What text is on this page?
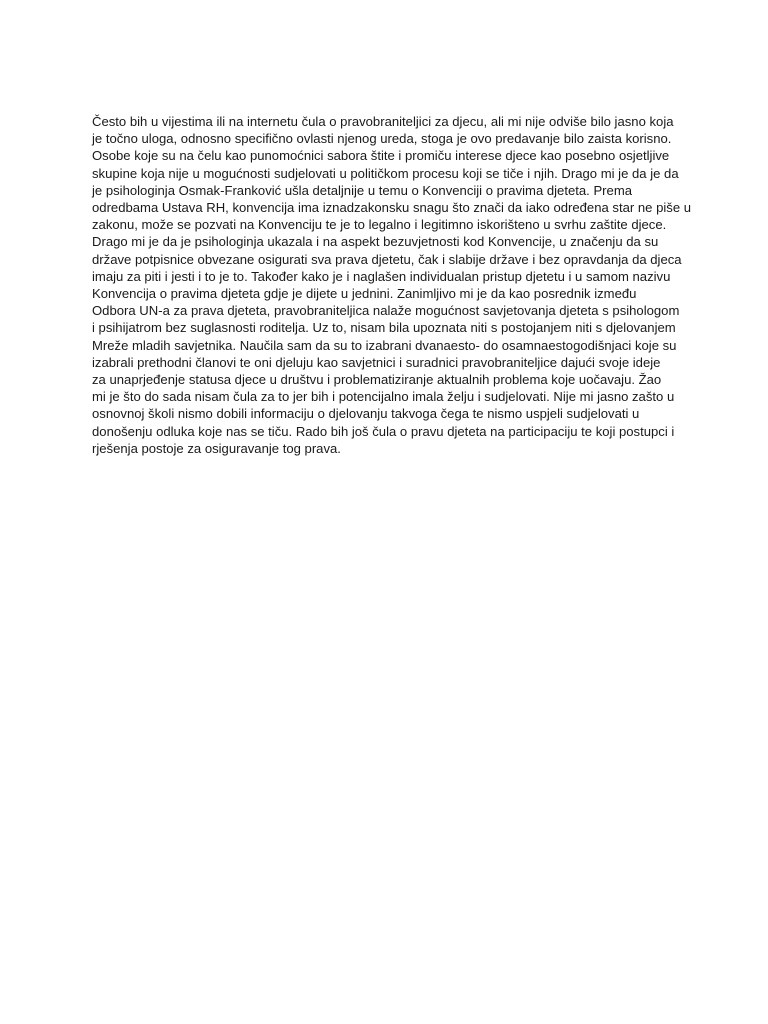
Često bih u vijestima ili na internetu čula o pravobraniteljici za djecu, ali mi nije odviše bilo jasno koja
je točno uloga, odnosno specifično ovlasti njenog ureda, stoga je ovo predavanje bilo zaista korisno.
Osobe koje su na čelu kao punomoćnici sabora štite i promiču interese djece kao posebno osjetljive
skupine koja nije u mogućnosti sudjelovati u političkom procesu koji se tiče i njih. Drago mi je da je da
je psihologinja Osmak-Franković ušla detaljnije u temu o Konvenciji o pravima djeteta. Prema
odredbama Ustava RH, konvencija ima iznadzakonsku snagu što znači da iako određena star ne piše u
zakonu, može se pozvati na Konvenciju te je to legalno i legitimno iskorišteno u svrhu zaštite djece.
Drago mi je da je psihologinja ukazala i na aspekt bezuvjetnosti kod Konvencije, u značenju da su
države potpisnice obvezane osigurati sva prava djetetu, čak i slabije države i bez opravdanja da djeca
imaju za piti i jesti i to je to. Također kako je i naglašen individualan pristup djetetu i u samom nazivu
Konvencija o pravima djeteta gdje je dijete u jednini. Zanimljivo mi je da kao posrednik između
Odbora UN-a za prava djeteta, pravobraniteljica nalaže mogućnost savjetovanja djeteta s psihologom
i psihijatrom bez suglasnosti roditelja. Uz to, nisam bila upoznata niti s postojanjem niti s djelovanjem
Mreže mladih savjetnika. Naučila sam da su to izabrani dvanaesto- do osamnaestogodišnjaci koje su
izabrali prethodni članovi te oni djeluju kao savjetnici i suradnici pravobraniteljice dajući svoje ideje
za unaprjeđenje statusa djece u društvu i problematiziranje aktualnih problema koje uočavaju. Žao
mi je što do sada nisam čula za to jer bih i potencijalno imala želju i sudjelovati. Nije mi jasno zašto u
osnovnoj školi nismo dobili informaciju o djelovanju takvoga čega te nismo uspjeli sudjelovati u
donošenju odluka koje nas se tiču. Rado bih još čula o pravu djeteta na participaciju te koji postupci i
rješenja postoje za osiguravanje tog prava.
